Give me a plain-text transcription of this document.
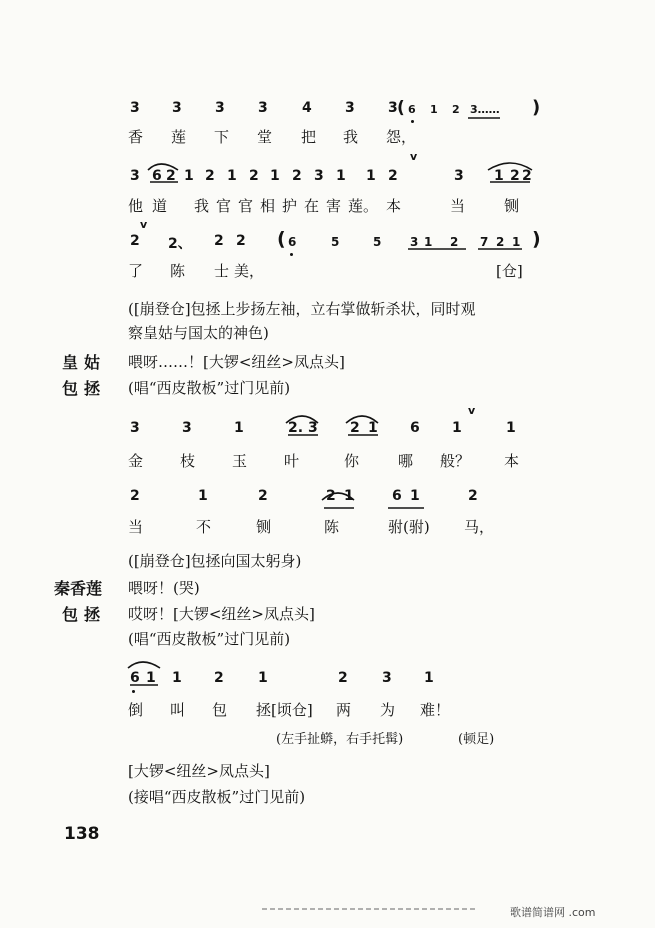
3 3 3 3 4 3 3 ( 6 1 2 3…… )
香 莲 下 堂 把 我 怨，
v
3 6 2 1 2 1 2 1 2 3 1 1 2	3 1 2 2
他 道 我 官 官 相 护 在 害 莲。 本	当	铡
v
2 2、 2 2 ( 6	5	5 3 1 2 7 2 1 )
了 陈 士 美，	[仓]
([崩登仓]包拯上步扬左袖，立右掌做斩杀状，同时观
察皇姑与国太的神色)
皇姑 喂呀……！[大锣<纽丝>凤点头]
包拯 (唱“西皮散板”过门见前)
v
3	3	1	2. 3 2 1 6 1	1
金 枝 玉 叶	你	哪 般？ 本
2	1	2	2 1	6 1	2
当	不	铡	陈	驸(驸) 马，
([崩登仓]包拯向国太躬身)
秦香莲 喂呀！(哭)
包拯 哎呀！[大锣<纽丝>凤点头]
(唱“西皮散板”过门见前)
6 1 1 2 1	2 3 1
倒 叫 包 拯[顷仓] 两 为 难！
(左手扯蟒，右手托髯)	(顿足)
[大锣<纽丝>凤点头]
(接唱“西皮散板”过门见前)
138
歌谱简谱网 .com
